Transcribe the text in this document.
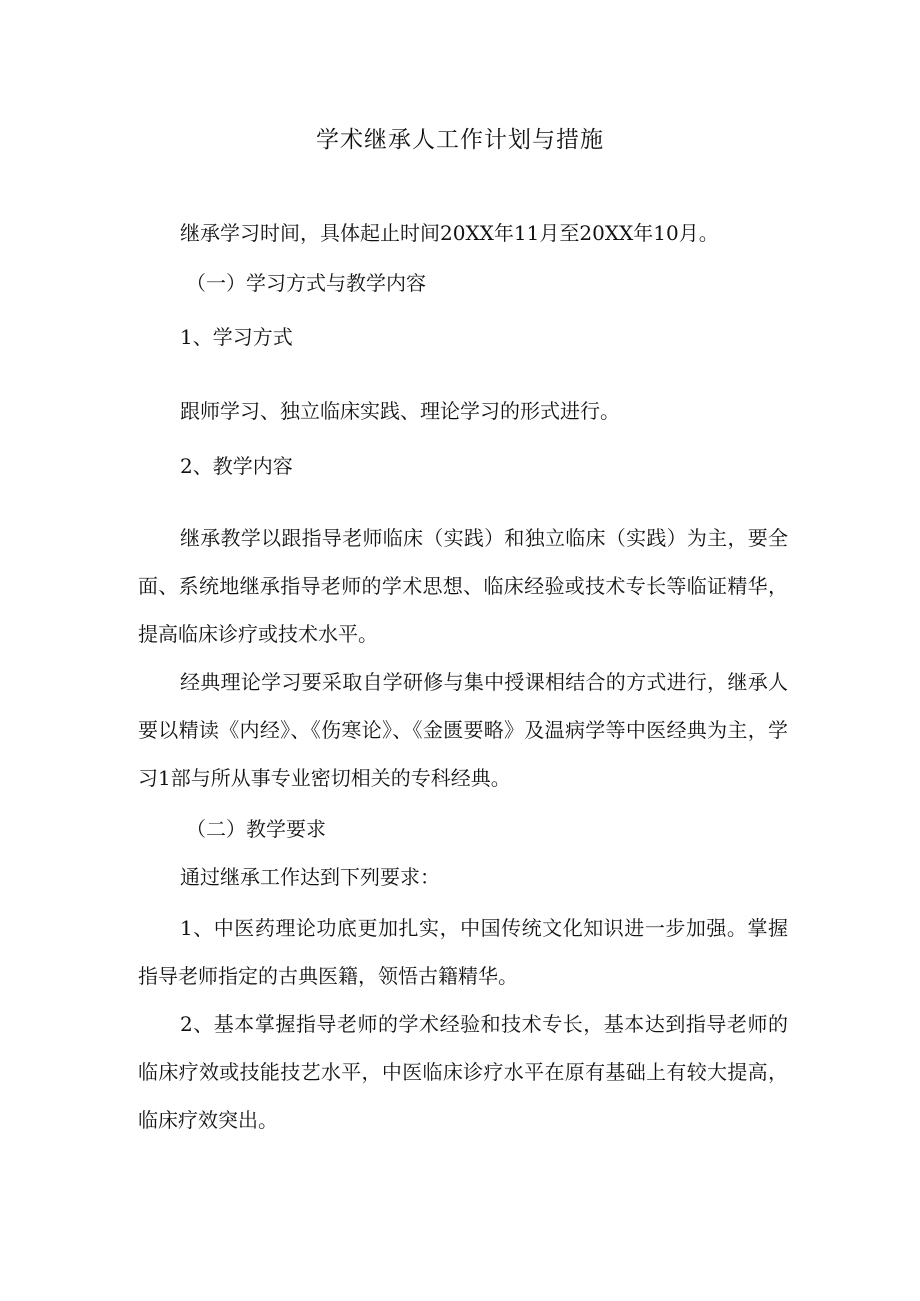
学术继承人工作计划与措施
继承学习时间，具体起止时间20XX年11月至20XX年10月。
（一）学习方式与教学内容
1、学习方式
跟师学习、独立临床实践、理论学习的形式进行。
2、教学内容
继承教学以跟指导老师临床（实践）和独立临床（实践）为主，要全面、系统地继承指导老师的学术思想、临床经验或技术专长等临证精华，提高临床诊疗或技术水平。
经典理论学习要采取自学研修与集中授课相结合的方式进行，继承人要以精读《内经》、《伤寒论》、《金匮要略》及温病学等中医经典为主，学习1部与所从事专业密切相关的专科经典。
（二）教学要求
通过继承工作达到下列要求：
1、中医药理论功底更加扎实，中国传统文化知识进一步加强。掌握指导老师指定的古典医籍，领悟古籍精华。
2、基本掌握指导老师的学术经验和技术专长，基本达到指导老师的临床疗效或技能技艺水平，中医临床诊疗水平在原有基础上有较大提高，临床疗效突出。
